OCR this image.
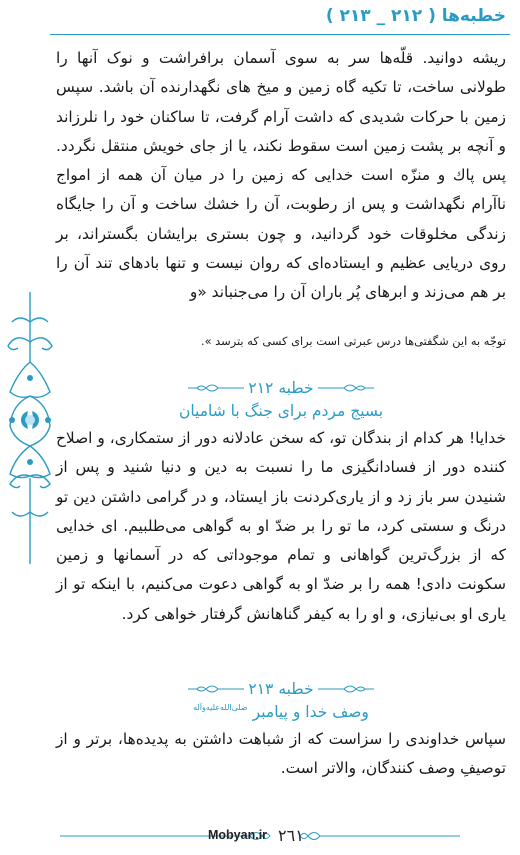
خطبه‌ها ( ٢١٢ _ ٢١٣ )

ریشه دوانید. قلّه‌ها سر به سوی آسمان برافراشت و نوک آنها را طولانی ساخت، تا تکیه گاه زمین و میخ های نگهدارنده آن باشد. سپس زمین با حرکات شدیدی که داشت آرام گرفت، تا ساکنان خود را نلرزاند و آنچه بر پشت زمین است سقوط نکند، یا از جای خویش منتقل نگردد. پس پاك و منزّه است خدایی که زمین را در میان آن همه از امواج ناآرام نگهداشت و پس از رطوبت، آن را خشك ساخت و آن را جایگاه زندگی مخلوقات خود گردانید، و چون بستری برایشان بگستراند، بر روی دریایی عظیم و ایستاده‌ای که روان نیست و تنها بادهای تند آن را بر هم می‌زند و ابرهای پُر باران آن را می‌جنباند «و

توجّه به این شگفتی‌ها درس عبرتی است برای کسی که بترسد ».

خطبه ٢١٢
بسیج مردم برای جنگ با شامیان

خدایا! هر کدام از بندگان تو، که سخن عادلانه دور از ستمکاری، و اصلاح کننده دور از فسادانگیزی ما را نسبت به دین و دنیا شنید و پس از شنیدن سر باز زد و از یاری‌کردنت باز ایستاد، و در گرامی داشتن دین تو درنگ و سستی کرد، ما تو را بر ضدّ او به گواهی می‌طلبیم. ای خدایی که از بزرگ‌ترین گواهانی و تمام موجوداتی که در آسمانها و زمین سکونت دادی! همه را بر ضدّ او به گواهی دعوت می‌کنیم، با اینکه تو از یاری او بی‌نیازی، و او را به کیفر گناهانش گرفتار خواهی کرد.

خطبه ٢١٣
وصف خدا و پیامبر $^{صلی‌الله‌علیه‌وآله}$

سپاس خداوندی را سزاست که از شباهت داشتن به پدیده‌ها، برتر و از توصیفِ وصف کنندگان، والاتر است.

Mobyan.ir ٢٦١
